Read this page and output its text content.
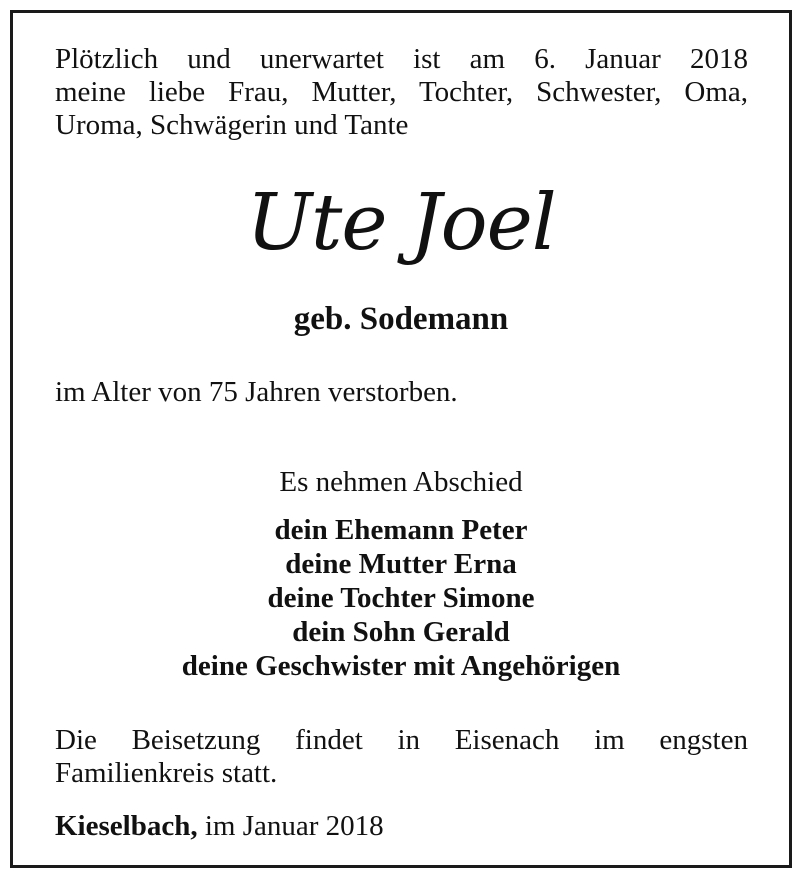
Plötzlich und unerwartet ist am 6. Januar 2018
meine liebe Frau, Mutter, Tochter, Schwester, Oma,
Uroma, Schwägerin und Tante
Ute Joel
geb. Sodemann
im Alter von 75 Jahren verstorben.
Es nehmen Abschied
dein Ehemann Peter
deine Mutter Erna
deine Tochter Simone
dein Sohn Gerald
deine Geschwister mit Angehörigen
Die Beisetzung findet in Eisenach im engsten
Familienkreis statt.
Kieselbach, im Januar 2018
